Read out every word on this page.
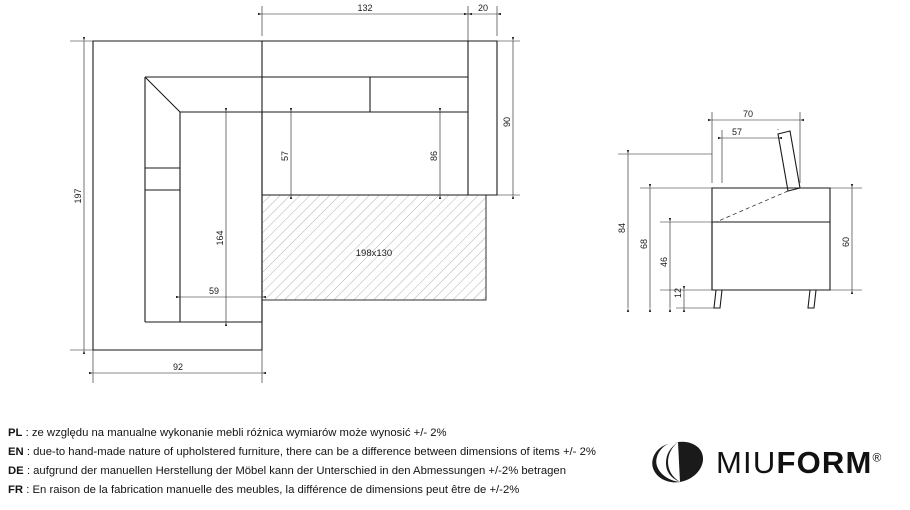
198x130
132	20
90
57	86
197
164
59
92
70
57
84
68
46
12
60
PL : ze względu na manualne wykonanie mebli różnica wymiarów może wynosić +/- 2%
EN : due-to hand-made nature of upholstered furniture, there can be a difference between dimensions of items +/- 2%
DE : aufgrund der manuellen Herstellung der Möbel kann der Unterschied in den Abmessungen +/-2% betragen
FR : En raison de la fabrication manuelle des meubles, la différence de dimensions peut être de +/-2%
MIUFORM®
